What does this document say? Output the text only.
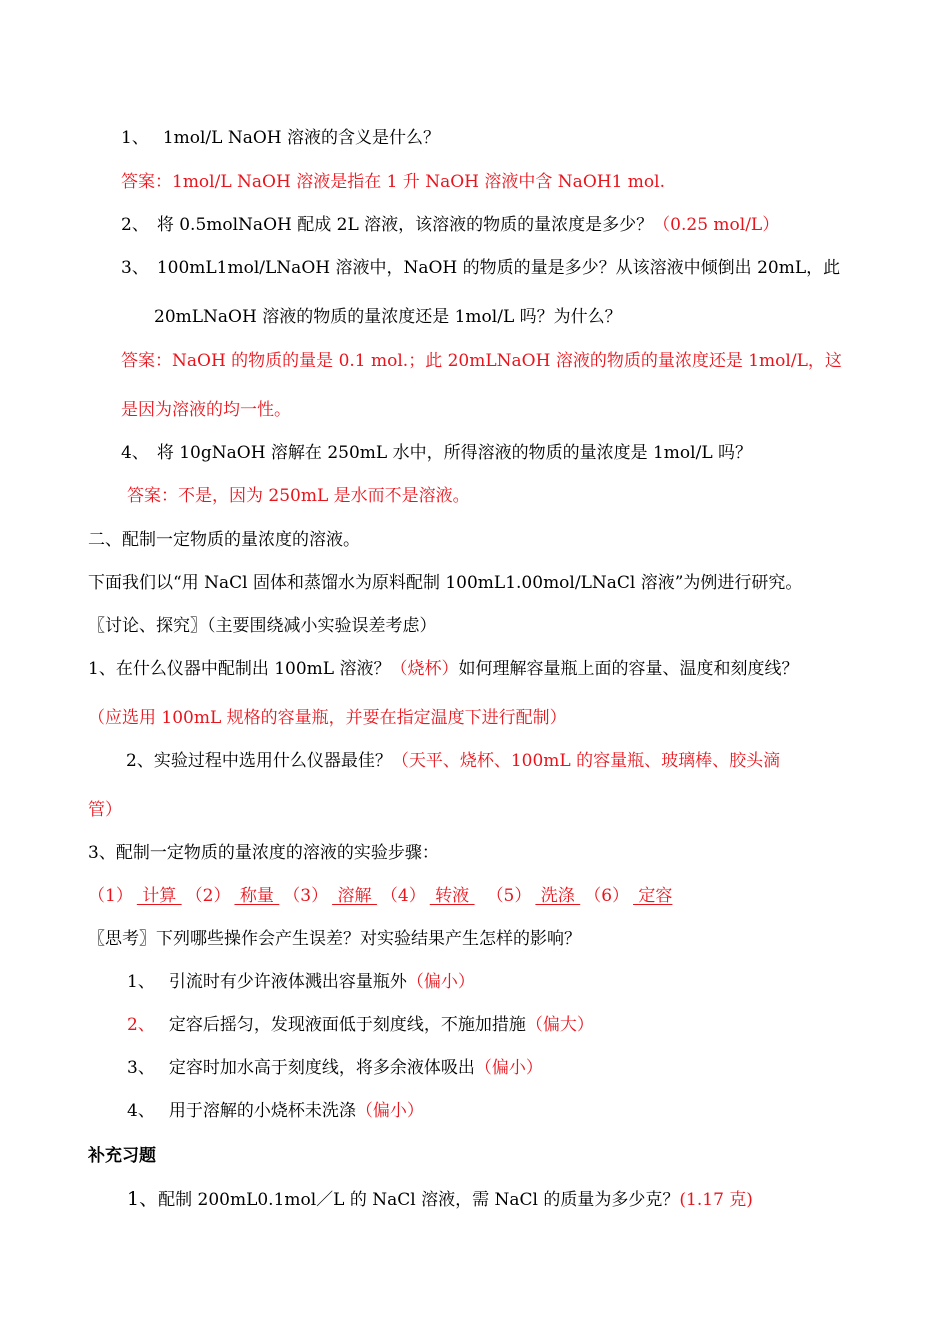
1、 1mol/L NaOH 溶液的含义是什么？
答案：1mol/L NaOH 溶液是指在 1 升 NaOH 溶液中含 NaOH1 mol.
2、 将 0.5molNaOH 配成 2L 溶液，该溶液的物质的量浓度是多少？（0.25 mol/L）
3、 100mL1mol/LNaOH 溶液中，NaOH 的物质的量是多少？从该溶液中倾倒出 20mL，此
20mLNaOH 溶液的物质的量浓度还是 1mol/L 吗？为什么？
答案：NaOH 的物质的量是 0.1 mol.；此 20mLNaOH 溶液的物质的量浓度还是 1mol/L，这
是因为溶液的均一性。
4、 将 10gNaOH 溶解在 250mL 水中，所得溶液的物质的量浓度是 1mol/L 吗？
答案：不是，因为 250mL 是水而不是溶液。
二、配制一定物质的量浓度的溶液。
下面我们以“用 NaCl 固体和蒸馏水为原料配制 100mL1.00mol/LNaCl 溶液”为例进行研究。
〖讨论、探究〗（主要围绕减小实验误差考虑）
1、在什么仪器中配制出 100mL 溶液？（烧杯）如何理解容量瓶上面的容量、温度和刻度线？
（应选用 100mL 规格的容量瓶，并要在指定温度下进行配制）
2、实验过程中选用什么仪器最佳？（天平、烧杯、100mL 的容量瓶、玻璃棒、胶头滴
管）
3、配制一定物质的量浓度的溶液的实验步骤：
（1） 计算 （2） 称量 （3） 溶解 （4） 转液 （5） 洗涤 （6） 定容
〖思考〗下列哪些操作会产生误差？对实验结果产生怎样的影响？
1、 引流时有少许液体溅出容量瓶外（偏小）
2、 定容后摇匀，发现液面低于刻度线，不施加措施（偏大）
3、 定容时加水高于刻度线，将多余液体吸出（偏小）
4、 用于溶解的小烧杯未洗涤（偏小）
补充习题
1、配制 200mL0.1mol／L 的 NaCl 溶液，需 NaCl 的质量为多少克？(1.17 克)
